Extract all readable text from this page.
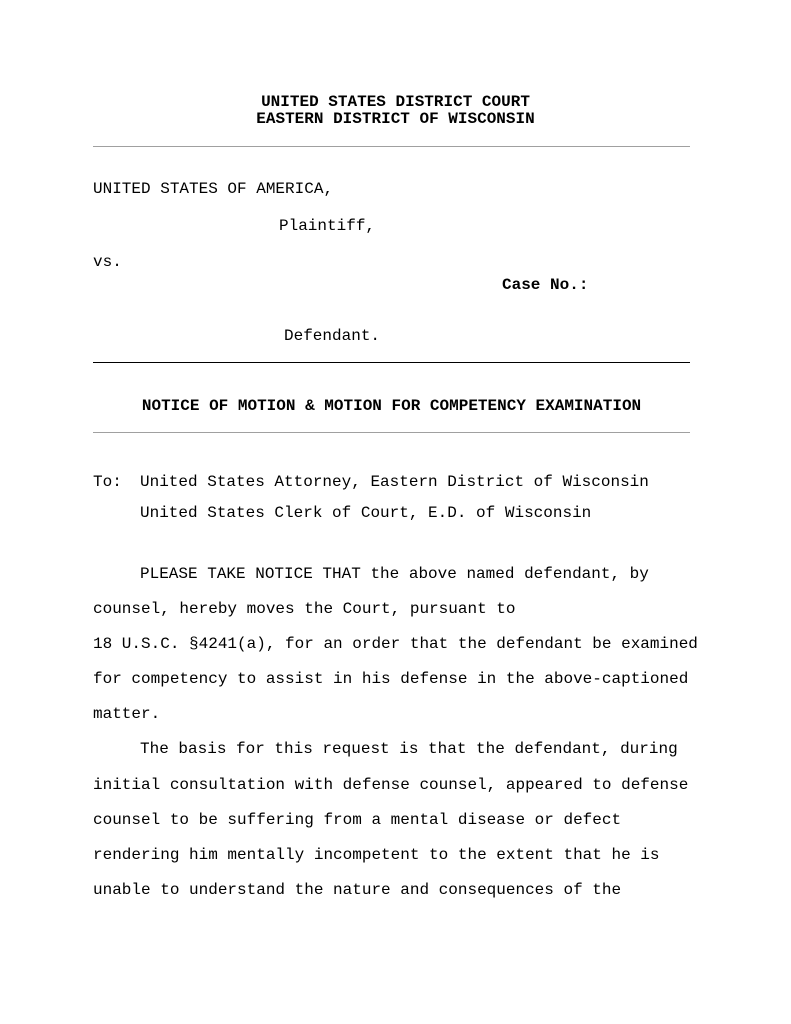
UNITED STATES DISTRICT COURT

EASTERN DISTRICT OF WISCONSIN

UNITED STATES OF AMERICA,

Plaintiff,

vs.

Case No.:

Defendant.

NOTICE OF MOTION & MOTION FOR COMPETENCY EXAMINATION

To: United States Attorney, Eastern District of Wisconsin

United States Clerk of Court, E.D. of Wisconsin

PLEASE TAKE NOTICE THAT the above named defendant, by

counsel, hereby moves the Court, pursuant to

18 U.S.C. §4241(a), for an order that the defendant be examined

for competency to assist in his defense in the above-captioned

matter.

The basis for this request is that the defendant, during

initial consultation with defense counsel, appeared to defense

counsel to be suffering from a mental disease or defect

rendering him mentally incompetent to the extent that he is

unable to understand the nature and consequences of the
